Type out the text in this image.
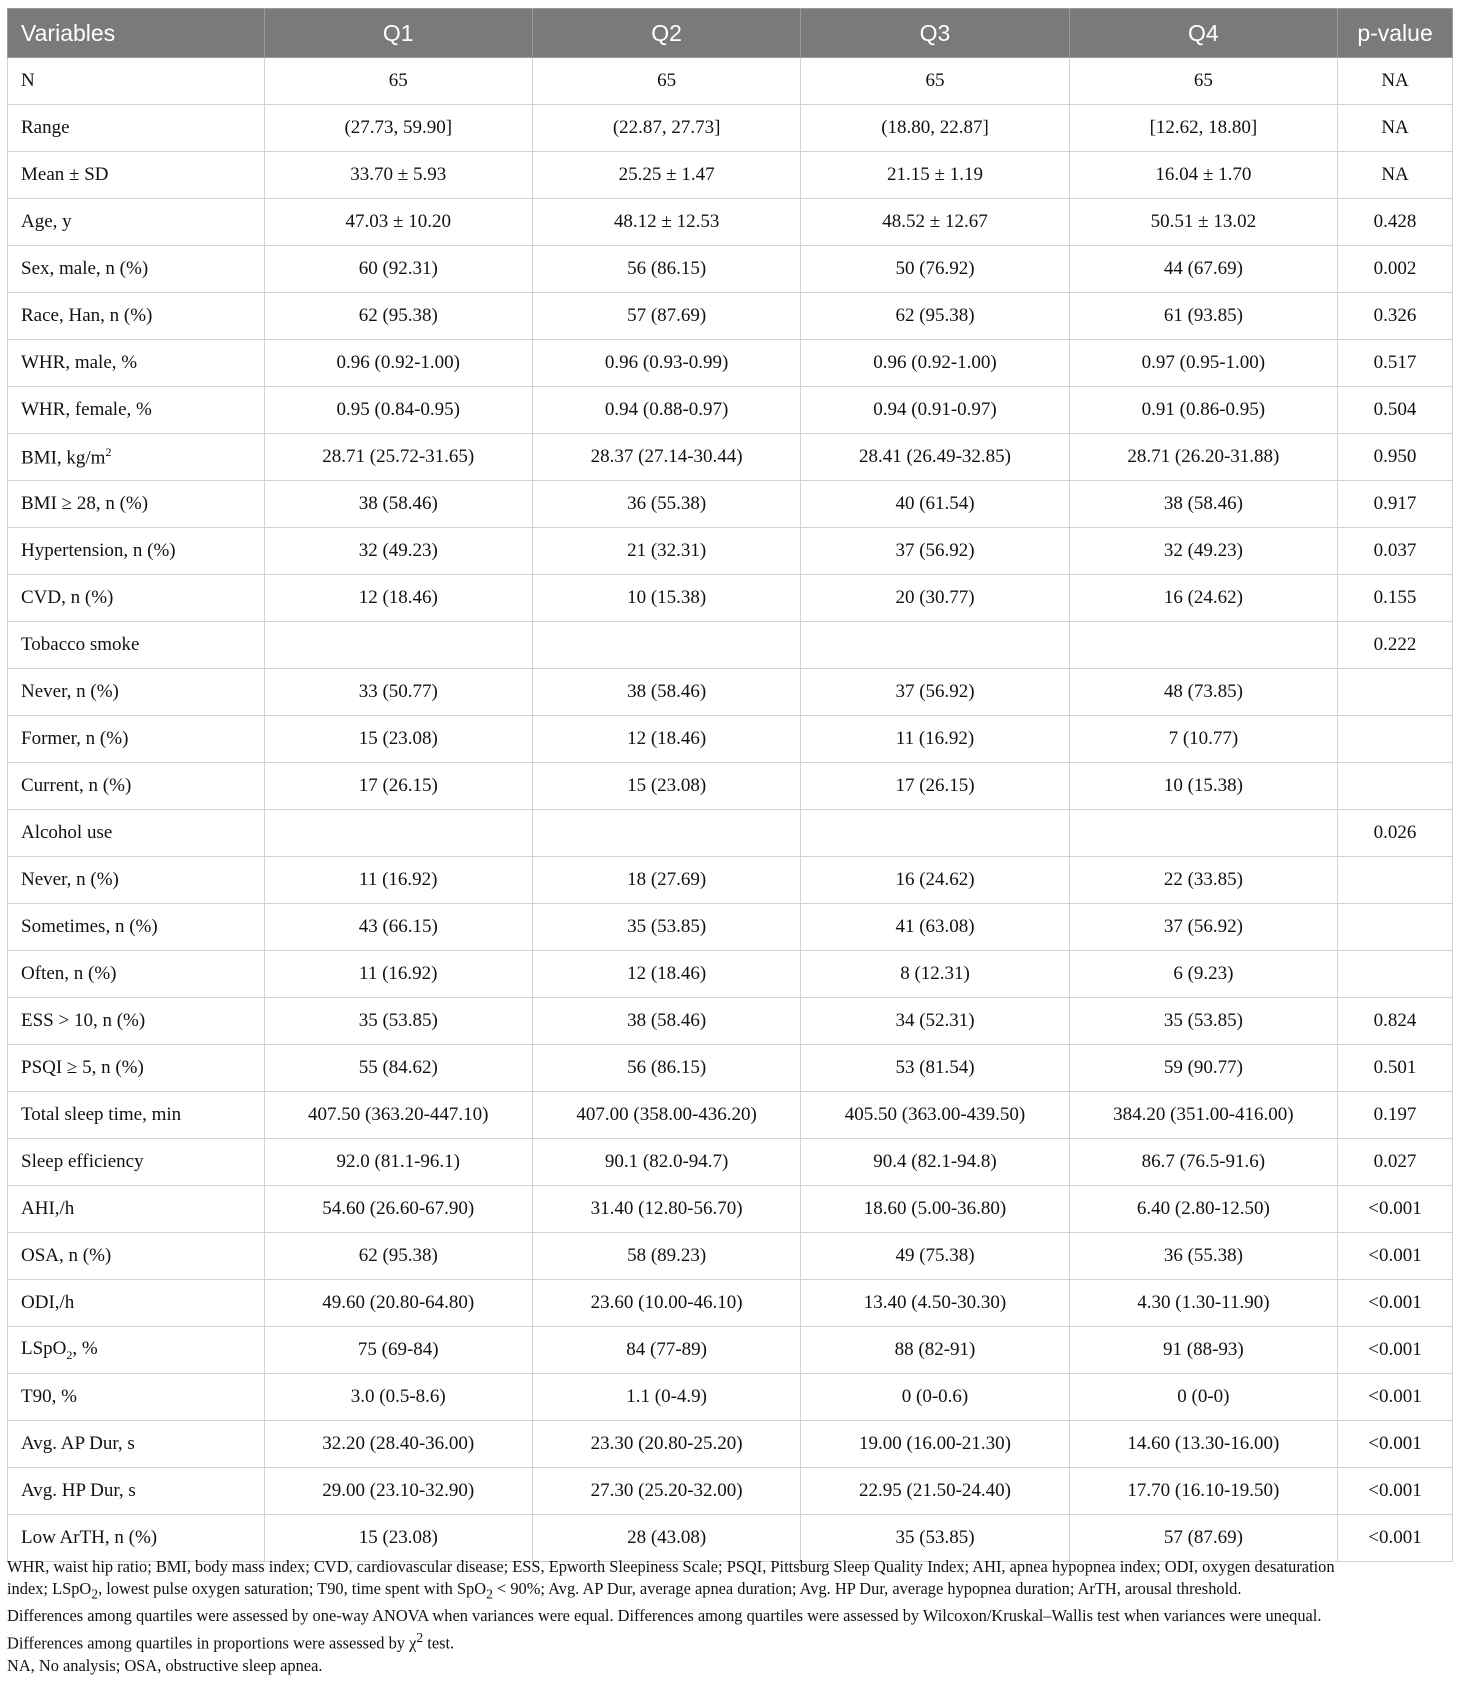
Variables	Q1	Q2	Q3	Q4	p-value
N	65	65	65	65	NA
Range	(27.73, 59.90]	(22.87, 27.73]	(18.80, 22.87]	[12.62, 18.80]	NA
Mean ± SD	33.70 ± 5.93	25.25 ± 1.47	21.15 ± 1.19	16.04 ± 1.70	NA
Age, y	47.03 ± 10.20	48.12 ± 12.53	48.52 ± 12.67	50.51 ± 13.02	0.428
Sex, male, n (%)	60 (92.31)	56 (86.15)	50 (76.92)	44 (67.69)	0.002
Race, Han, n (%)	62 (95.38)	57 (87.69)	62 (95.38)	61 (93.85)	0.326
WHR, male, %	0.96 (0.92-1.00)	0.96 (0.93-0.99)	0.96 (0.92-1.00)	0.97 (0.95-1.00)	0.517
WHR, female, %	0.95 (0.84-0.95)	0.94 (0.88-0.97)	0.94 (0.91-0.97)	0.91 (0.86-0.95)	0.504
BMI, $kg/m^2$	28.71 (25.72-31.65)	28.37 (27.14-30.44)	28.41 (26.49-32.85)	28.71 (26.20-31.88)	0.950
BMI ≥ 28, n (%)	38 (58.46)	36 (55.38)	40 (61.54)	38 (58.46)	0.917
Hypertension, n (%)	32 (49.23)	21 (32.31)	37 (56.92)	32 (49.23)	0.037
CVD, n (%)	12 (18.46)	10 (15.38)	20 (30.77)	16 (24.62)	0.155
Tobacco smoke					0.222
Never, n (%)	33 (50.77)	38 (58.46)	37 (56.92)	48 (73.85)	
Former, n (%)	15 (23.08)	12 (18.46)	11 (16.92)	7 (10.77)	
Current, n (%)	17 (26.15)	15 (23.08)	17 (26.15)	10 (15.38)	
Alcohol use					0.026
Never, n (%)	11 (16.92)	18 (27.69)	16 (24.62)	22 (33.85)	
Sometimes, n (%)	43 (66.15)	35 (53.85)	41 (63.08)	37 (56.92)	
Often, n (%)	11 (16.92)	12 (18.46)	8 (12.31)	6 (9.23)	
ESS > 10, n (%)	35 (53.85)	38 (58.46)	34 (52.31)	35 (53.85)	0.824
PSQI ≥ 5, n (%)	55 (84.62)	56 (86.15)	53 (81.54)	59 (90.77)	0.501
Total sleep time, min	407.50 (363.20-447.10)	407.00 (358.00-436.20)	405.50 (363.00-439.50)	384.20 (351.00-416.00)	0.197
Sleep efficiency	92.0 (81.1-96.1)	90.1 (82.0-94.7)	90.4 (82.1-94.8)	86.7 (76.5-91.6)	0.027
AHI,/h	54.60 (26.60-67.90)	31.40 (12.80-56.70)	18.60 (5.00-36.80)	6.40 (2.80-12.50)	<0.001
OSA, n (%)	62 (95.38)	58 (89.23)	49 (75.38)	36 (55.38)	<0.001
ODI,/h	49.60 (20.80-64.80)	23.60 (10.00-46.10)	13.40 (4.50-30.30)	4.30 (1.30-11.90)	<0.001
LSpO$_2$, %	75 (69-84)	84 (77-89)	88 (82-91)	91 (88-93)	<0.001
T90, %	3.0 (0.5-8.6)	1.1 (0-4.9)	0 (0-0.6)	0 (0-0)	<0.001
Avg. AP Dur, s	32.20 (28.40-36.00)	23.30 (20.80-25.20)	19.00 (16.00-21.30)	14.60 (13.30-16.00)	<0.001
Avg. HP Dur, s	29.00 (23.10-32.90)	27.30 (25.20-32.00)	22.95 (21.50-24.40)	17.70 (16.10-19.50)	<0.001
Low ArTH, n (%)	15 (23.08)	28 (43.08)	35 (53.85)	57 (87.69)	<0.001

WHR, waist hip ratio; BMI, body mass index; CVD, cardiovascular disease; ESS, Epworth Sleepiness Scale; PSQI, Pittsburg Sleep Quality Index; AHI, apnea hypopnea index; ODI, oxygen desaturation

index; LSpO$_2$, lowest pulse oxygen saturation; T90, time spent with SpO$_2$ < 90%; Avg. AP Dur, average apnea duration; Avg. HP Dur, average hypopnea duration; ArTH, arousal threshold.

Differences among quartiles were assessed by one-way ANOVA when variances were equal. Differences among quartiles were assessed by Wilcoxon/Kruskal–Wallis test when variances were unequal.

Differences among quartiles in proportions were assessed by $\chi^2$ test.

NA, No analysis; OSA, obstructive sleep apnea.
